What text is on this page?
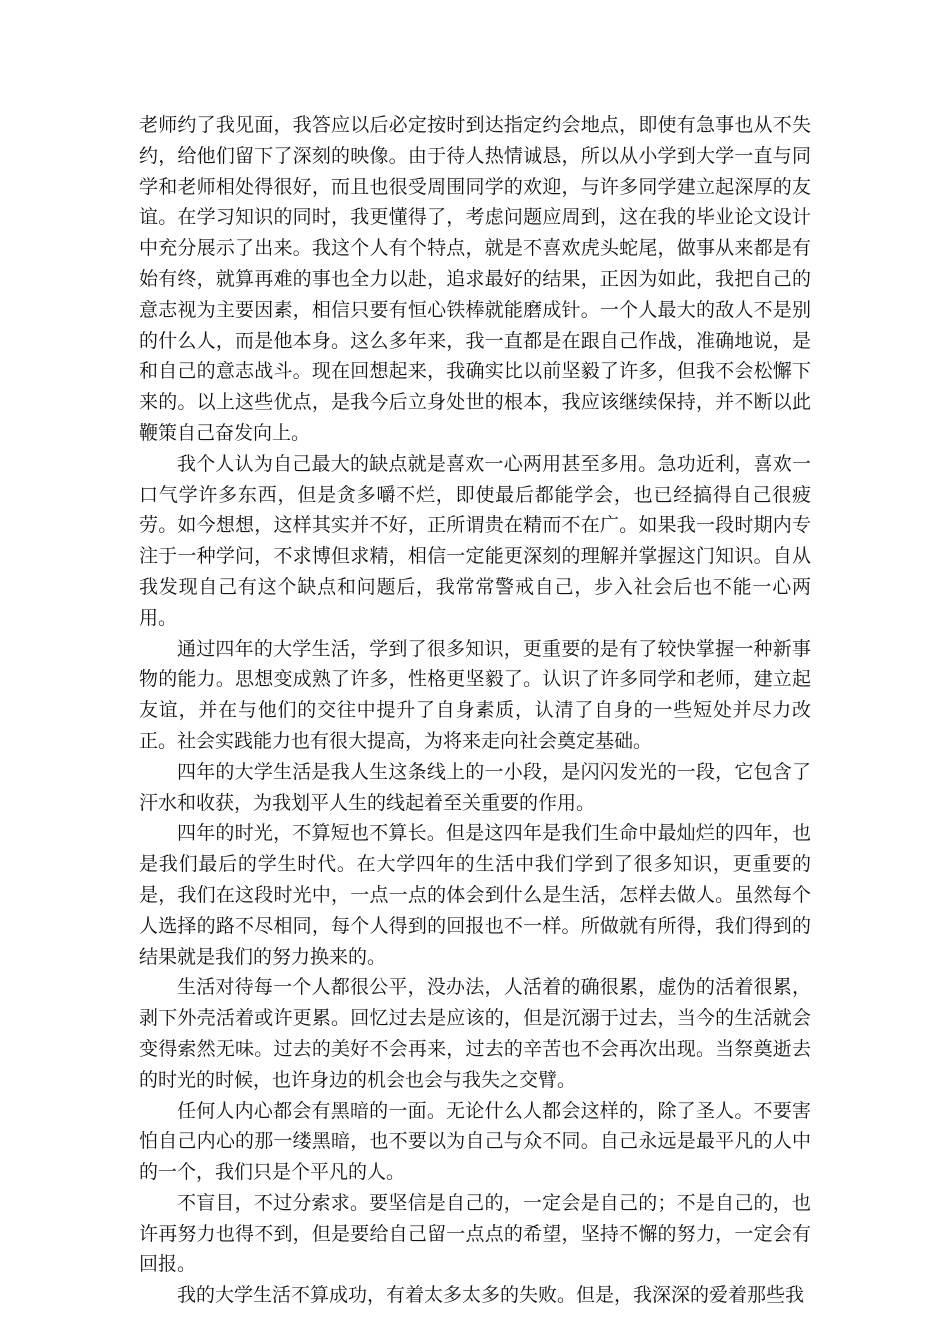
老师约了我见面，我答应以后必定按时到达指定约会地点，即使有急事也从不失约，给他们留下了深刻的映像。由于待人热情诚恳，所以从小学到大学一直与同学和老师相处得很好，而且也很受周围同学的欢迎，与许多同学建立起深厚的友谊。在学习知识的同时，我更懂得了，考虑问题应周到，这在我的毕业论文设计中充分展示了出来。我这个人有个特点，就是不喜欢虎头蛇尾，做事从来都是有始有终，就算再难的事也全力以赴，追求最好的结果，正因为如此，我把自己的意志视为主要因素，相信只要有恒心铁棒就能磨成针。一个人最大的敌人不是别的什么人，而是他本身。这么多年来，我一直都是在跟自己作战，准确地说，是和自己的意志战斗。现在回想起来，我确实比以前坚毅了许多，但我不会松懈下来的。以上这些优点，是我今后立身处世的根本，我应该继续保持，并不断以此鞭策自己奋发向上。

我个人认为自己最大的缺点就是喜欢一心两用甚至多用。急功近利，喜欢一口气学许多东西，但是贪多嚼不烂，即使最后都能学会，也已经搞得自己很疲劳。如今想想，这样其实并不好，正所谓贵在精而不在广。如果我一段时期内专注于一种学问，不求博但求精，相信一定能更深刻的理解并掌握这门知识。自从我发现自己有这个缺点和问题后，我常常警戒自己，步入社会后也不能一心两用。

通过四年的大学生活，学到了很多知识，更重要的是有了较快掌握一种新事物的能力。思想变成熟了许多，性格更坚毅了。认识了许多同学和老师，建立起友谊，并在与他们的交往中提升了自身素质，认清了自身的一些短处并尽力改正。社会实践能力也有很大提高，为将来走向社会奠定基础。

四年的大学生活是我人生这条线上的一小段，是闪闪发光的一段，它包含了汗水和收获，为我划平人生的线起着至关重要的作用。

四年的时光，不算短也不算长。但是这四年是我们生命中最灿烂的四年，也是我们最后的学生时代。在大学四年的生活中我们学到了很多知识，更重要的是，我们在这段时光中，一点一点的体会到什么是生活，怎样去做人。虽然每个人选择的路不尽相同，每个人得到的回报也不一样。所做就有所得，我们得到的结果就是我们的努力换来的。

生活对待每一个人都很公平，没办法，人活着的确很累，虚伪的活着很累，剥下外壳活着或许更累。回忆过去是应该的，但是沉溺于过去，当今的生活就会变得索然无味。过去的美好不会再来，过去的辛苦也不会再次出现。当祭奠逝去的时光的时候，也许身边的机会也会与我失之交臂。

任何人内心都会有黑暗的一面。无论什么人都会这样的，除了圣人。不要害怕自己内心的那一缕黑暗，也不要以为自己与众不同。自己永远是最平凡的人中的一个，我们只是个平凡的人。

不盲目，不过分索求。要坚信是自己的，一定会是自己的；不是自己的，也许再努力也得不到，但是要给自己留一点点的希望，坚持不懈的努力，一定会有回报。

我的大学生活不算成功，有着太多太多的失败。但是，我深深的爱着那些我
